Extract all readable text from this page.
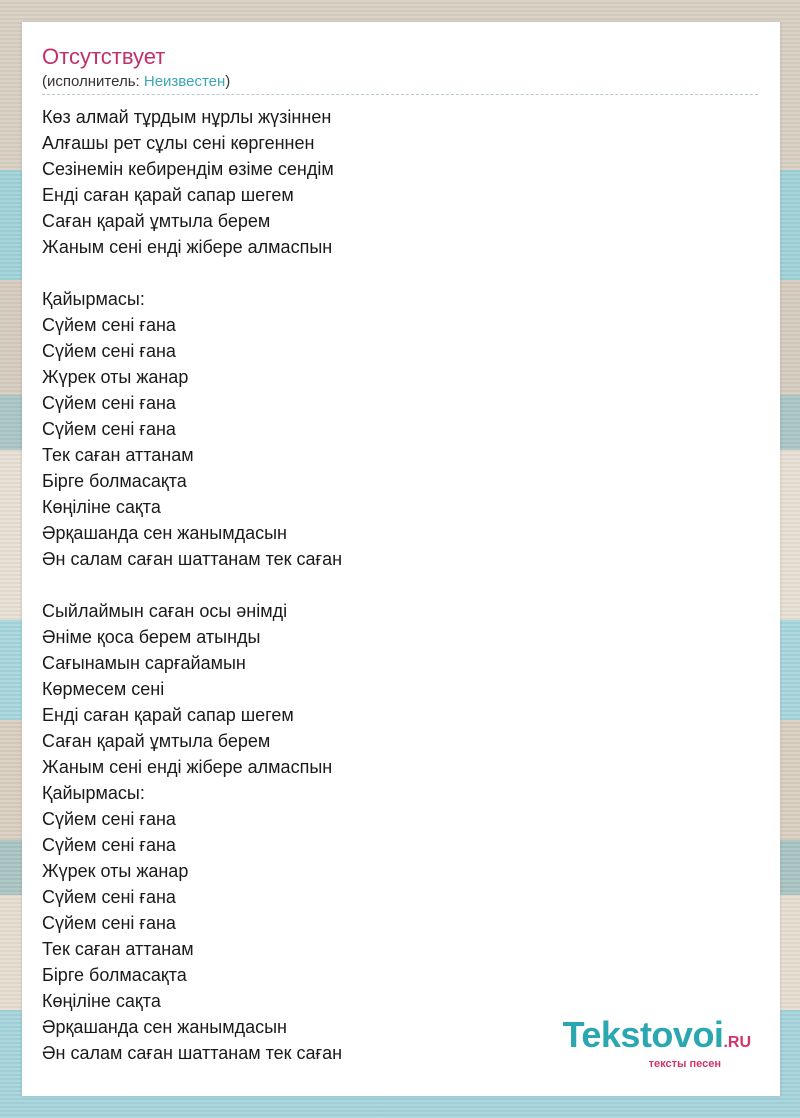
Отсутствует
(исполнитель: Неизвестен)
Көз алмай тұрдым нұрлы жүзіннен
Алғашы рет сұлы сені көргеннен
Сезінемін кебирендім өзіме сендім
Енді саған қарай сапар шегем
Саған қарай ұмтыла берем
Жаным сені енді жібере алмаспын
Қайырмасы:
Сүйем сені ғана
Сүйем сені ғана
Жүрек оты жанар
Сүйем сені ғана
Сүйем сені ғана
Тек саған аттанам
Бірге болмасақта
Көңіліне сақта
Әрқашанда сен жанымдасын
Ән салам саған шаттанам тек саған
Сыйлаймын саған осы әнімді
Әніме қоса берем атынды
Сағынамын сарғайамын
Көрмесем сені
Енді саған қарай сапар шегем
Саған қарай ұмтыла берем
Жаным сені енді жібере алмаспын
Қайырмасы:
Сүйем сені ғана
Сүйем сені ғана
Жүрек оты жанар
Сүйем сені ғана
Сүйем сені ғана
Тек саған аттанам
Бірге болмасақта
Көңіліне сақта
Әрқашанда сен жанымдасын
Ән салам саған шаттанам тек саған	Tekstovoi.RU
тексты песен
